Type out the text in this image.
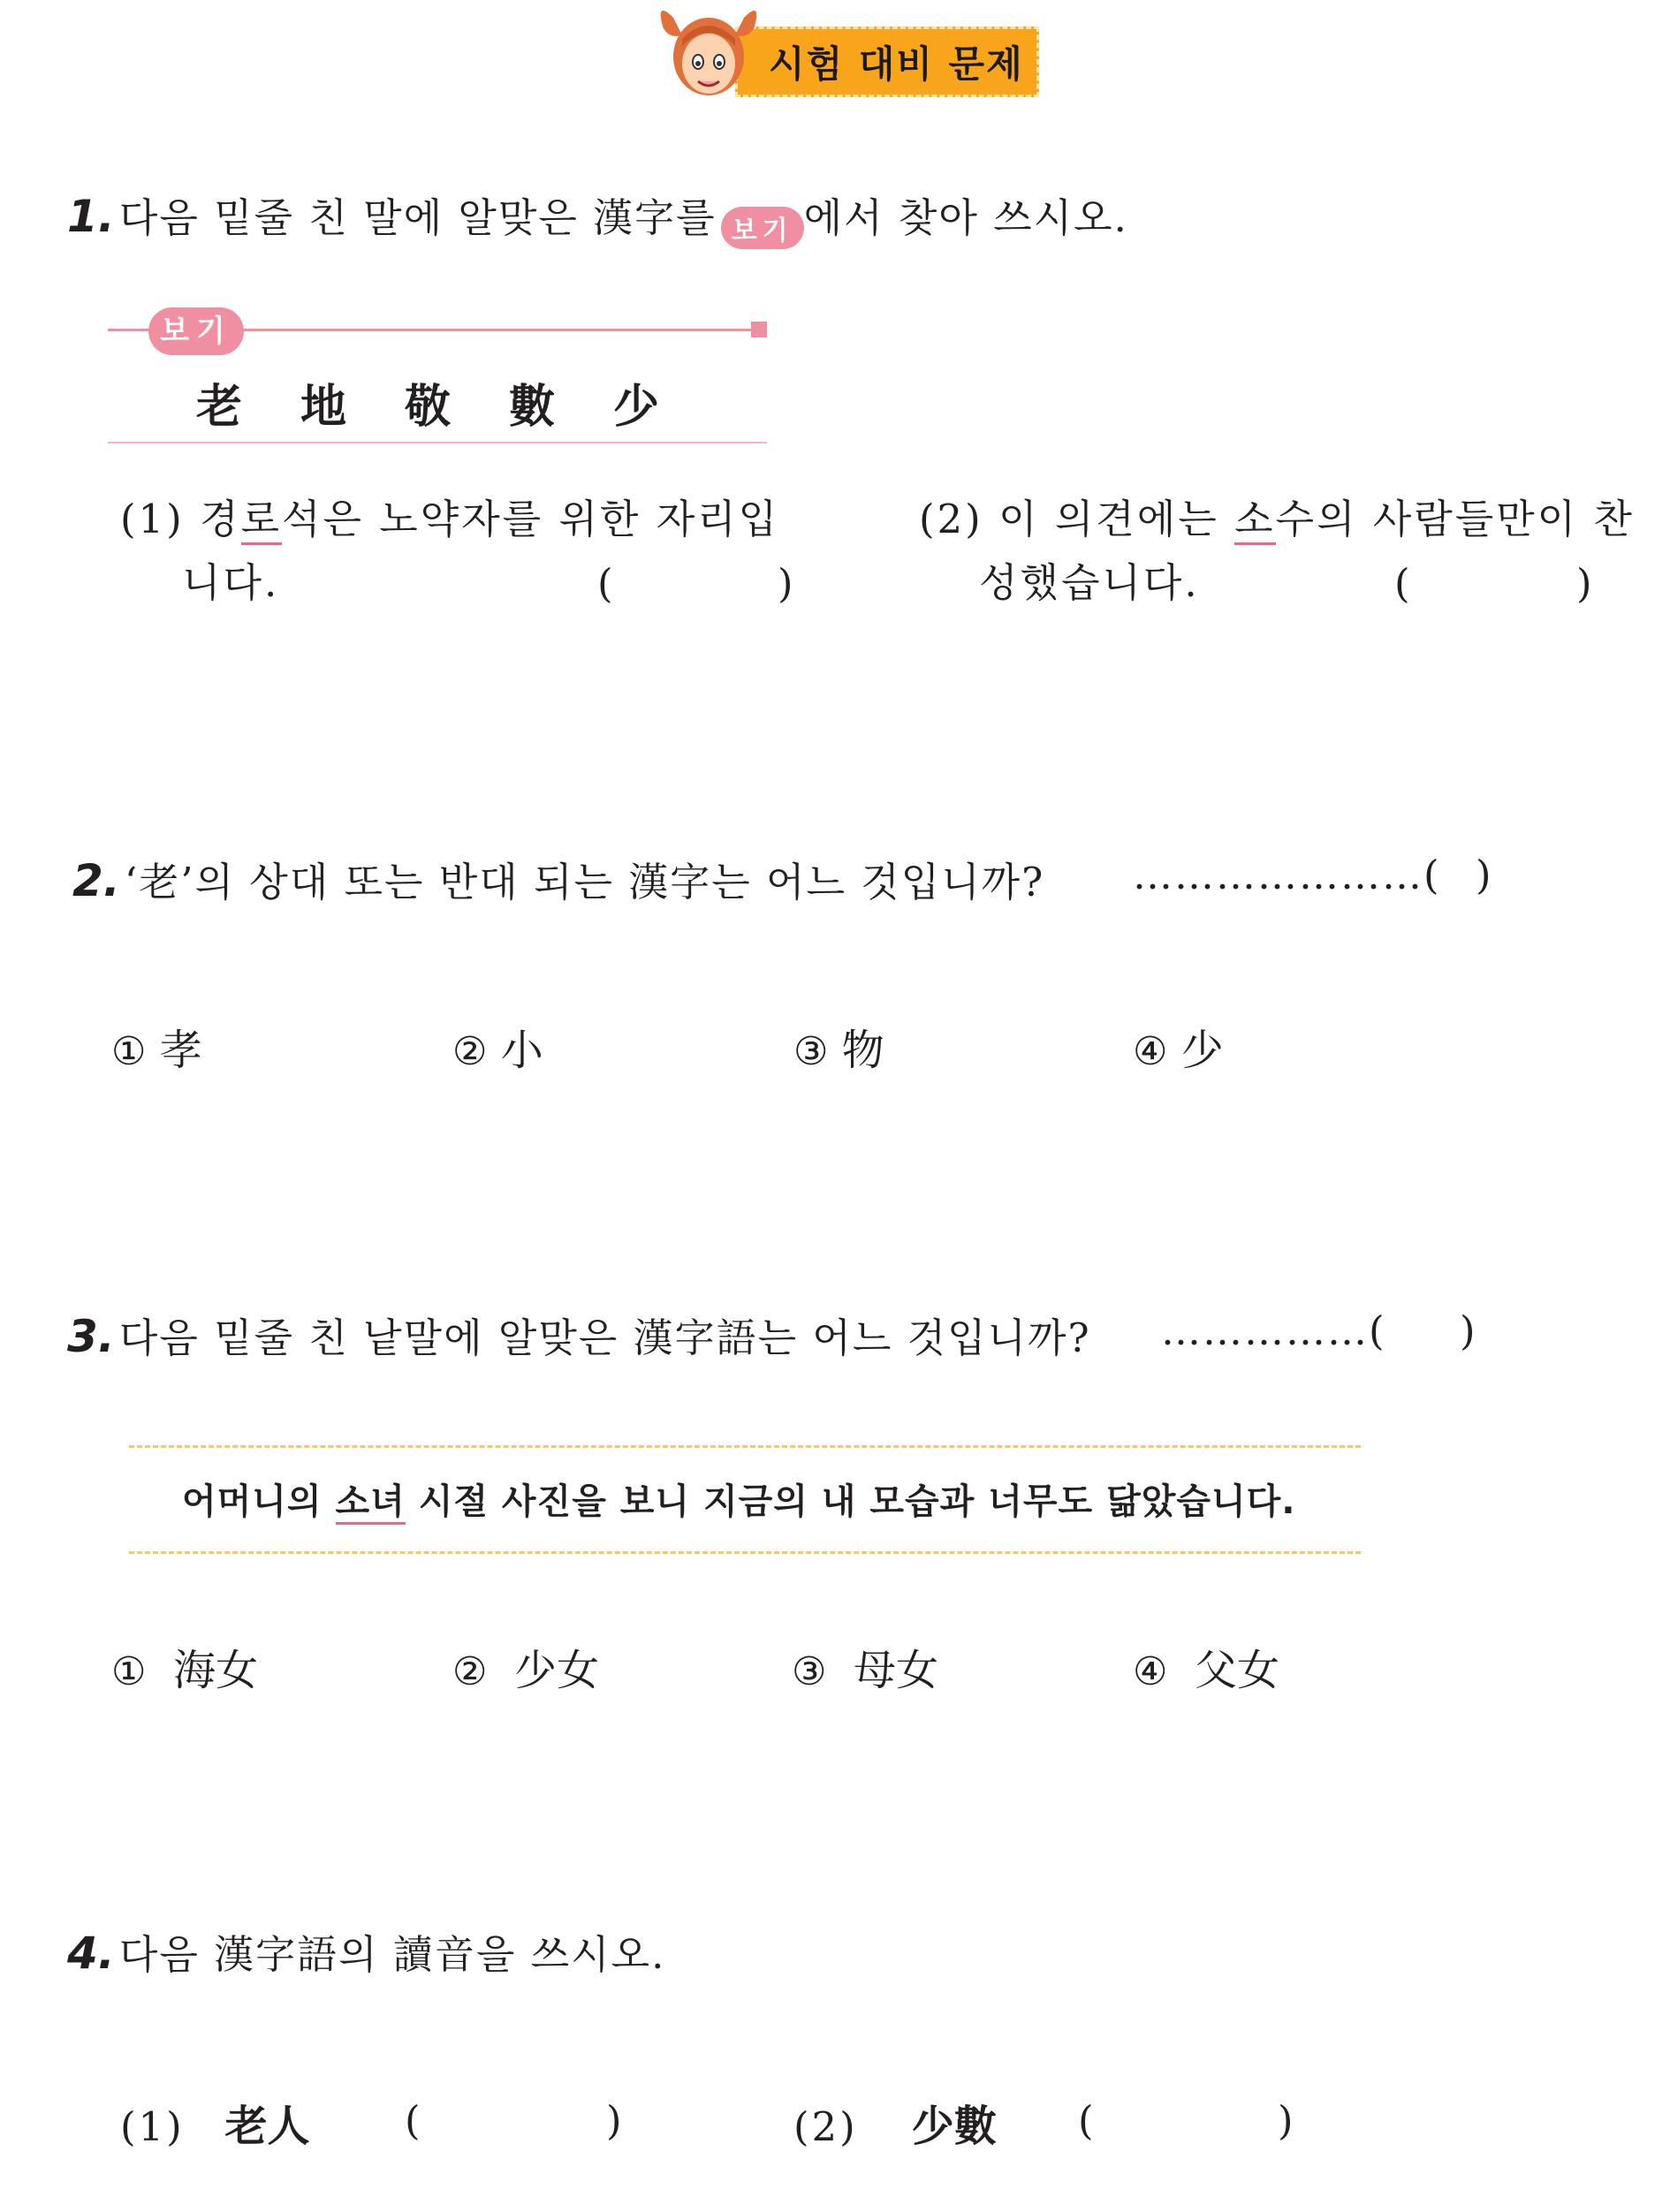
시험 대비 문제
1. 다음 밑줄 친 말에 알맞은 漢字를 보기 에서 찾아 쓰시오.
보기
老 地 敬 數 少
(1) 경로석은 노약자를 위한 자리입
니다.	(	)
(2) 이 의견에는 소수의 사람들만이 찬
성했습니다.	(	)
2. ‘老’의 상대 또는 반대 되는 漢字는 어느 것입니까? …………………( )
① 孝	② 小	③ 物	④ 少
3. 다음 밑줄 친 낱말에 알맞은 漢字語는 어느 것입니까? ……………( )
어머니의 소녀 시절 사진을 보니 지금의 내 모습과 너무도 닮았습니다.
① 海女	② 少女	③ 母女	④ 父女
4. 다음 漢字語의 讀音을 쓰시오.
(1) 老人 (	)	(2) 少數 (	)
